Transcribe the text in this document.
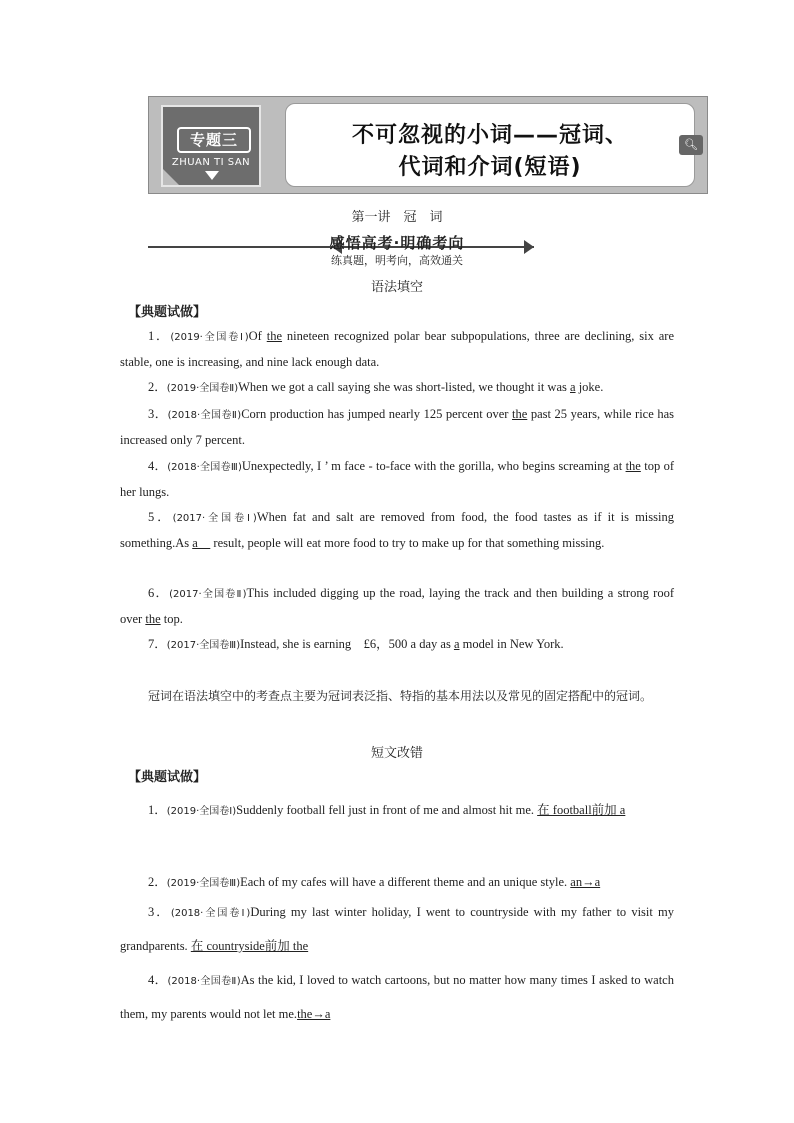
专题三
ZHUAN TI SAN
不可忽视的小词——冠词、
代词和介词(短语)
🔍︎
第一讲　冠　词
感悟高考·明确考向
练真题，明考向，高效通关
语法填空
【典题试做】
1．(2019·全国卷Ⅰ)Of the nineteen recognized polar bear subpopulations, three are declining, six are stable, one is increasing, and nine lack enough data.
2．(2019·全国卷Ⅱ)When we got a call saying she was short-listed, we thought it was a joke.
3．(2018·全国卷Ⅱ)Corn production has jumped nearly 125 percent over the past 25 years, while rice has increased only 7 percent.
4．(2018·全国卷Ⅲ)Unexpectedly, I ’ m face - to-face with the gorilla, who begins screaming at the top of her lungs.
5．(2017·全国卷Ⅰ)When fat and salt are removed from food, the food tastes as if it is missing something.As a　 result, people will eat more food to try to make up for that something missing.
6．(2017·全国卷Ⅱ)This included digging up the road, laying the track and then building a strong roof over the top.
7．(2017·全国卷Ⅲ)Instead, she is earning　£6，500 a day as a model in New York.
冠词在语法填空中的考查点主要为冠词表泛指、特指的基本用法以及常见的固定搭配中的冠词。
短文改错
【典题试做】
1．(2019·全国卷Ⅰ)Suddenly football fell just in front of me and almost hit me. 在 football前加 a
2．(2019·全国卷Ⅲ)Each of my cafes will have a different theme and an unique style. an→a
3．(2018·全国卷Ⅰ)During my last winter holiday, I went to countryside with my father to visit my grandparents. 在 countryside前加 the
4．(2018·全国卷Ⅱ)As the kid, I loved to watch cartoons, but no matter how many times I asked to watch them, my parents would not let me.the→a
